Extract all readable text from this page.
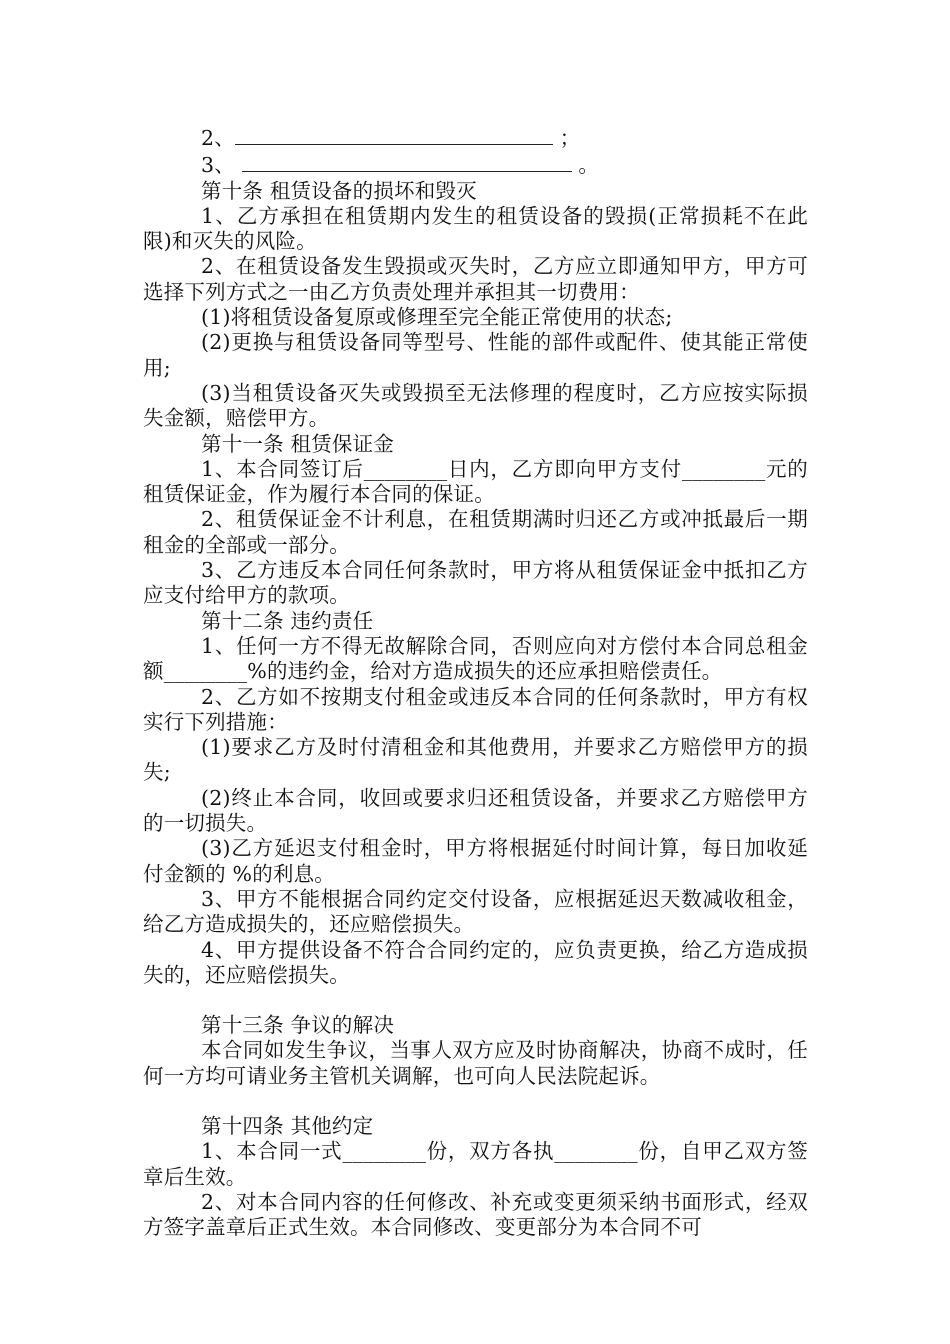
2、	；

3、	。

第十条 租赁设备的损坏和毁灭

1、乙方承担在租赁期内发生的租赁设备的毁损(正常损耗不在此限)和灭失的风险。

2、在租赁设备发生毁损或灭失时，乙方应立即通知甲方，甲方可选择下列方式之一由乙方负责处理并承担其一切费用：

(1)将租赁设备复原或修理至完全能正常使用的状态;

(2)更换与租赁设备同等型号、性能的部件或配件、使其能正常使用;

(3)当租赁设备灭失或毁损至无法修理的程度时，乙方应按实际损失金额，赔偿甲方。

第十一条 租赁保证金

1、本合同签订后________日内，乙方即向甲方支付________元的租赁保证金，作为履行本合同的保证。

2、租赁保证金不计利息，在租赁期满时归还乙方或冲抵最后一期租金的全部或一部分。

3、乙方违反本合同任何条款时，甲方将从租赁保证金中抵扣乙方应支付给甲方的款项。

第十二条 违约责任

1、任何一方不得无故解除合同，否则应向对方偿付本合同总租金额________%的违约金，给对方造成损失的还应承担赔偿责任。

2、乙方如不按期支付租金或违反本合同的任何条款时，甲方有权实行下列措施：

(1)要求乙方及时付清租金和其他费用，并要求乙方赔偿甲方的损失;

(2)终止本合同，收回或要求归还租赁设备，并要求乙方赔偿甲方的一切损失。

(3)乙方延迟支付租金时，甲方将根据延付时间计算，每日加收延付金额的 %的利息。

3、甲方不能根据合同约定交付设备，应根据延迟天数减收租金，给乙方造成损失的，还应赔偿损失。

4、甲方提供设备不符合合同约定的，应负责更换，给乙方造成损失的，还应赔偿损失。

第十三条 争议的解决

本合同如发生争议，当事人双方应及时协商解决，协商不成时，任何一方均可请业务主管机关调解，也可向人民法院起诉。

第十四条 其他约定

1、本合同一式________份，双方各执________份，自甲乙双方签章后生效。

2、对本合同内容的任何修改、补充或变更须采纳书面形式，经双方签字盖章后正式生效。本合同修改、变更部分为本合同不可
